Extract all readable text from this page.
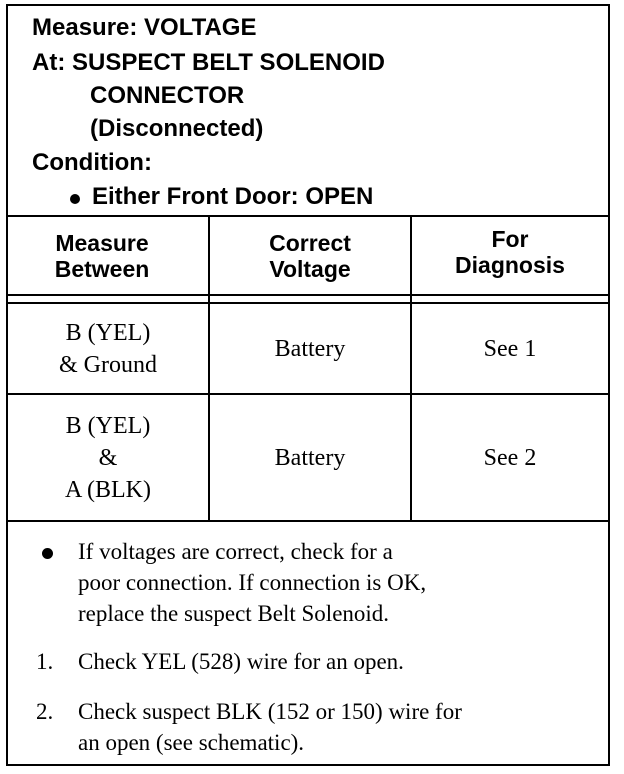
Measure: VOLTAGE
At: SUSPECT BELT SOLENOID
CONNECTOR
(Disconnected)
Condition:
Either Front Door: OPEN
Measure
Between
Correct
Voltage
For
Diagnosis
B (YEL)
& Ground
Battery	See 1
B (YEL)
&
A (BLK)
Battery	See 2
If voltages are correct, check for a
poor connection. If connection is OK,
replace the suspect Belt Solenoid.
1. Check YEL (528) wire for an open.
2. Check suspect BLK (152 or 150) wire for
an open (see schematic).
